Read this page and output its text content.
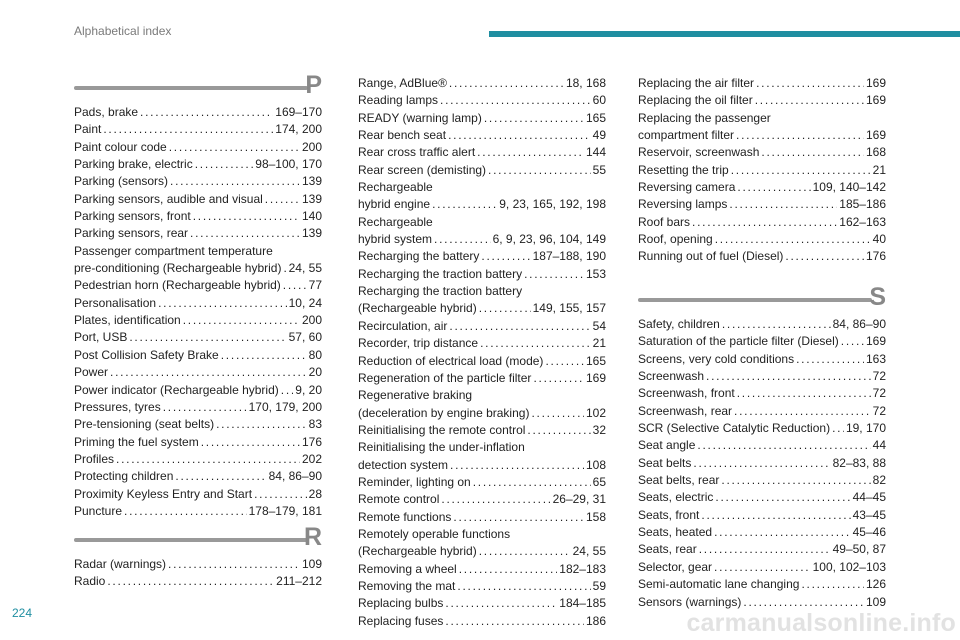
Alphabetical index
P
Pads, brake . . .	169–170
Paint . . .	174, 200
Paint colour code . . .	200
Parking brake, electric . . .	98–100, 170
Parking (sensors) . . .	139
Parking sensors, audible and visual . . .	139
Parking sensors, front . . .	140
Parking sensors, rear . . .	139
Passenger compartment temperature
pre-conditioning (Rechargeable hybrid) . . . 24, 55
Pedestrian horn (Rechargeable hybrid) . . . 77
Personalisation . . .	10, 24
Plates, identification . . .	200
Port, USB . . .	57, 60
Post Collision Safety Brake . . .	80
Power . . .	20
Power indicator (Rechargeable hybrid) . . . 9, 20
Pressures, tyres . . .	170, 179, 200
Pre-tensioning (seat belts) . . .	83
Priming the fuel system . . .	176
Profiles . . .	202
Protecting children . . .	84, 86–90
Proximity Keyless Entry and Start . . .	28
Puncture . . .	178–179, 181
R
Radar (warnings) . . .	109
Radio . . .	211–212
Range, AdBlue® . . .	18, 168
Reading lamps . . .	60
READY (warning lamp) . . .	165
Rear bench seat . . .	49
Rear cross traffic alert . . .	144
Rear screen (demisting) . . .	55
Rechargeable
hybrid engine . . .	9, 23, 165, 192, 198
Rechargeable
hybrid system . . .	6, 9, 23, 96, 104, 149
Recharging the battery . . .	187–188, 190
Recharging the traction battery . . .	153
Recharging the traction battery
(Rechargeable hybrid) . . .	149, 155, 157
Recirculation, air . . .	54
Recorder, trip distance . . .	21
Reduction of electrical load (mode) . . .	165
Regeneration of the particle filter . . .	169
Regenerative braking
(deceleration by engine braking) . . .	102
Reinitialising the remote control . . .	32
Reinitialising the under-inflation
detection system . . .	108
Reminder, lighting on . . .	65
Remote control . . .	26–29, 31
Remote functions . . .	158
Remotely operable functions
(Rechargeable hybrid) . . .	24, 55
Removing a wheel . . .	182–183
Removing the mat . . .	59
Replacing bulbs . . .	184–185
Replacing fuses . . .	186
Replacing the air filter . . .	169
Replacing the oil filter . . .	169
Replacing the passenger
compartment filter . . .	169
Reservoir, screenwash . . .	168
Resetting the trip . . .	21
Reversing camera . . .	109, 140–142
Reversing lamps . . .	185–186
Roof bars . . .	162–163
Roof, opening . . .	40
Running out of fuel (Diesel) . . .	176
S
Safety, children . . .	84, 86–90
Saturation of the particle filter (Diesel) . . . 169
Screens, very cold conditions . . .	163
Screenwash . . .	72
Screenwash, front . . .	72
Screenwash, rear . . .	72
SCR (Selective Catalytic Reduction) . . . 19, 170
Seat angle . . .	44
Seat belts . . .	82–83, 88
Seat belts, rear . . .	82
Seats, electric . . .	44–45
Seats, front . . .	43–45
Seats, heated . . .	45–46
Seats, rear . . .	49–50, 87
Selector, gear . . .	100, 102–103
Semi-automatic lane changing . . .	126
Sensors (warnings) . . .	109
224	carmanualsonline.info
